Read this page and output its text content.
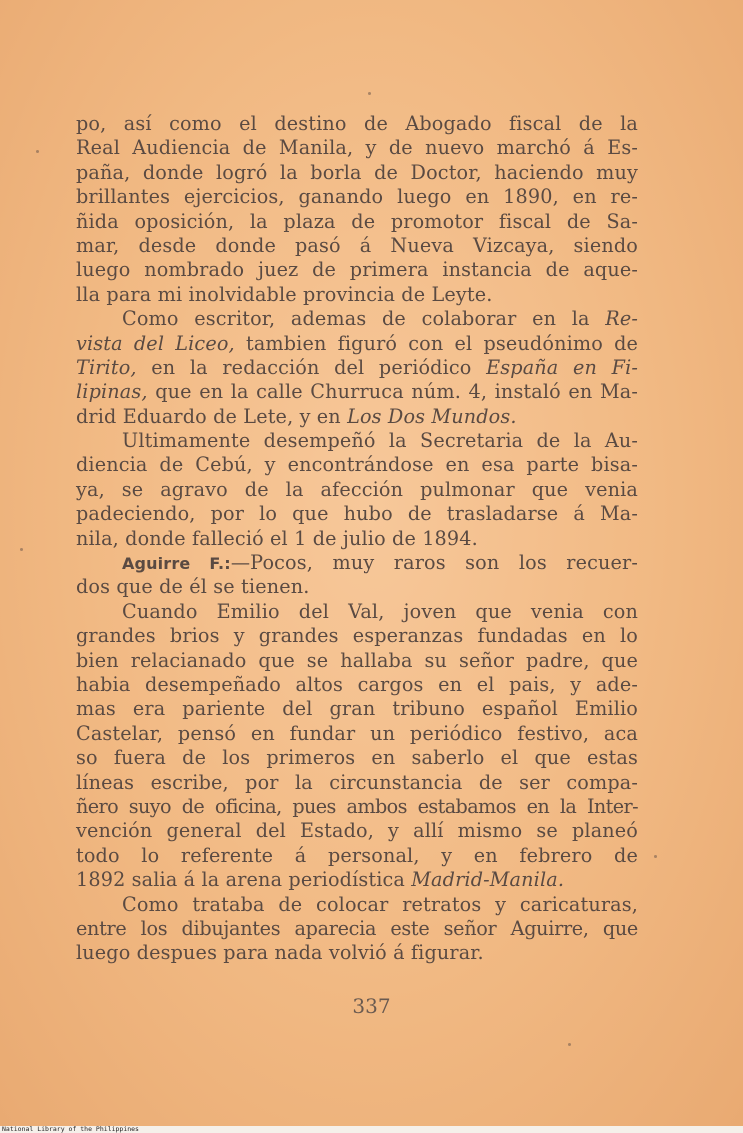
po, así como el destino de Abogado fiscal de la
Real Audiencia de Manila, y de nuevo marchó á Es-
paña, donde logró la borla de Doctor, haciendo muy
brillantes ejercicios, ganando luego en 1890, en re-
ñida oposición, la plaza de promotor fiscal de Sa-
mar, desde donde pasó á Nueva Vizcaya, siendo
luego nombrado juez de primera instancia de aque-
lla para mi inolvidable provincia de Leyte.
Como escritor, ademas de colaborar en la Re-
vista del Liceo, tambien figuró con el pseudónimo de
Tirito, en la redacción del periódico España en Fi-
lipinas, que en la calle Churruca núm. 4, instaló en Ma-
drid Eduardo de Lete, y en Los Dos Mundos.
Ultimamente desempeñó la Secretaria de la Au-
diencia de Cebú, y encontrándose en esa parte bisa-
ya, se agravo de la afección pulmonar que venia
padeciendo, por lo que hubo de trasladarse á Ma-
nila, donde falleció el 1 de julio de 1894.
Aguirre F.:—Pocos, muy raros son los recuer-
dos que de él se tienen.
Cuando Emilio del Val, joven que venia con
grandes brios y grandes esperanzas fundadas en lo
bien relacianado que se hallaba su señor padre, que
habia desempeñado altos cargos en el pais, y ade-
mas era pariente del gran tribuno español Emilio
Castelar, pensó en fundar un periódico festivo, aca
so fuera de los primeros en saberlo el que estas
líneas escribe, por la circunstancia de ser compa-
ñero suyo de oficina, pues ambos estabamos en la Inter-
vención general del Estado, y allí mismo se planeó
todo lo referente á personal, y en febrero de
1892 salia á la arena periodística Madrid-Manila.
Como trataba de colocar retratos y caricaturas,
entre los dibujantes aparecia este señor Aguirre, que
luego despues para nada volvió á figurar.
337
National Library of the Philippines
